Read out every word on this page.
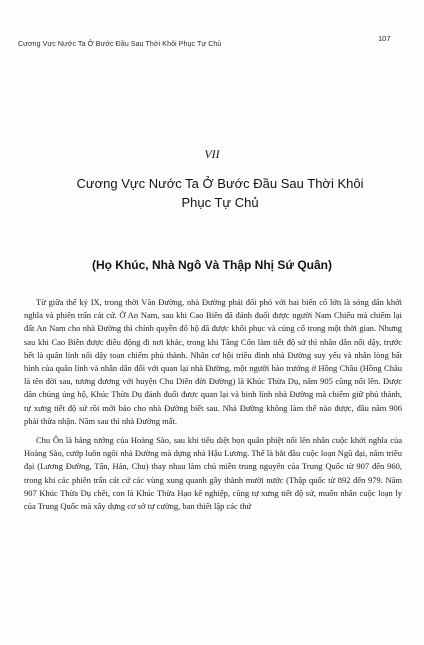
Cương Vực Nước Ta Ở Bước Đầu Sau Thời Khôi Phục Tự Chủ
107
VII
Cương Vực Nước Ta Ở Bước Đầu Sau Thời Khôi
Phục Tự Chủ
(Họ Khúc, Nhà Ngô Và Thập Nhị Sứ Quân)

Từ giữa thế kỷ IX, trong thời Vãn Đường, nhà Đường phải đối phó với hai biến cố lớn là sóng dân khởi nghĩa và phiên trấn cát cứ. Ở An Nam, sau khi Cao Biền đã đánh đuổi được người Nam Chiếu mà chiếm lại đất An Nam cho nhà Đường thì chính quyền đô hộ đã được khôi phục và củng cố trong một thời gian. Nhưng sau khi Cao Biền được điều động đi nơi khác, trong khi Tăng Cổn làm tiết độ sứ thì nhân dân nổi dậy, trước hết là quân lính nổi dậy toan chiếm phủ thành. Nhân cơ hội triều đình nhà Đường suy yếu và nhân lòng bất bình của quân lính và nhân dân đối với quan lại nhà Đường, một người hào trưởng ở Hồng Châu (Hồng Châu là tên đời sau, tương đương với huyện Chu Diên đời Đường) là Khúc Thừa Dụ, năm 905 cũng nổi lên. Được dân chúng ủng hộ, Khúc Thừa Dụ đánh đuổi được quan lại và binh lính nhà Đường mà chiếm giữ phủ thành, tự xưng tiết độ sứ rồi mới báo cho nhà Đường biết sau. Nhà Đường không làm thế nào được, đầu năm 906 phải thừa nhận. Năm sau thì nhà Đường mất.

Chu Ôn là hàng tướng của Hoàng Sào, sau khi tiêu diệt bọn quân phiệt nổi lên nhân cuộc khởi nghĩa của Hoàng Sào, cướp luôn ngôi nhà Đường mà dựng nhà Hậu Lương. Thế là bắt đầu cuộc loạn Ngũ đại, năm triều đại (Lương Đường, Tấn, Hán, Chu) thay nhau làm chủ miền trung nguyên của Trung Quốc từ 907 đến 960, trong khi các phiên trấn cát cứ các vùng xung quanh gây thành mười nước (Thập quốc từ 892 đến 979. Năm 907 Khúc Thừa Dụ chết, con là Khúc Thừa Hạo kế nghiệp, cũng tự xưng tiết độ sứ, muốn nhân cuộc loạn ly của Trung Quốc mà xây dựng cơ sở tự cường, ban thiết lập các thứ
